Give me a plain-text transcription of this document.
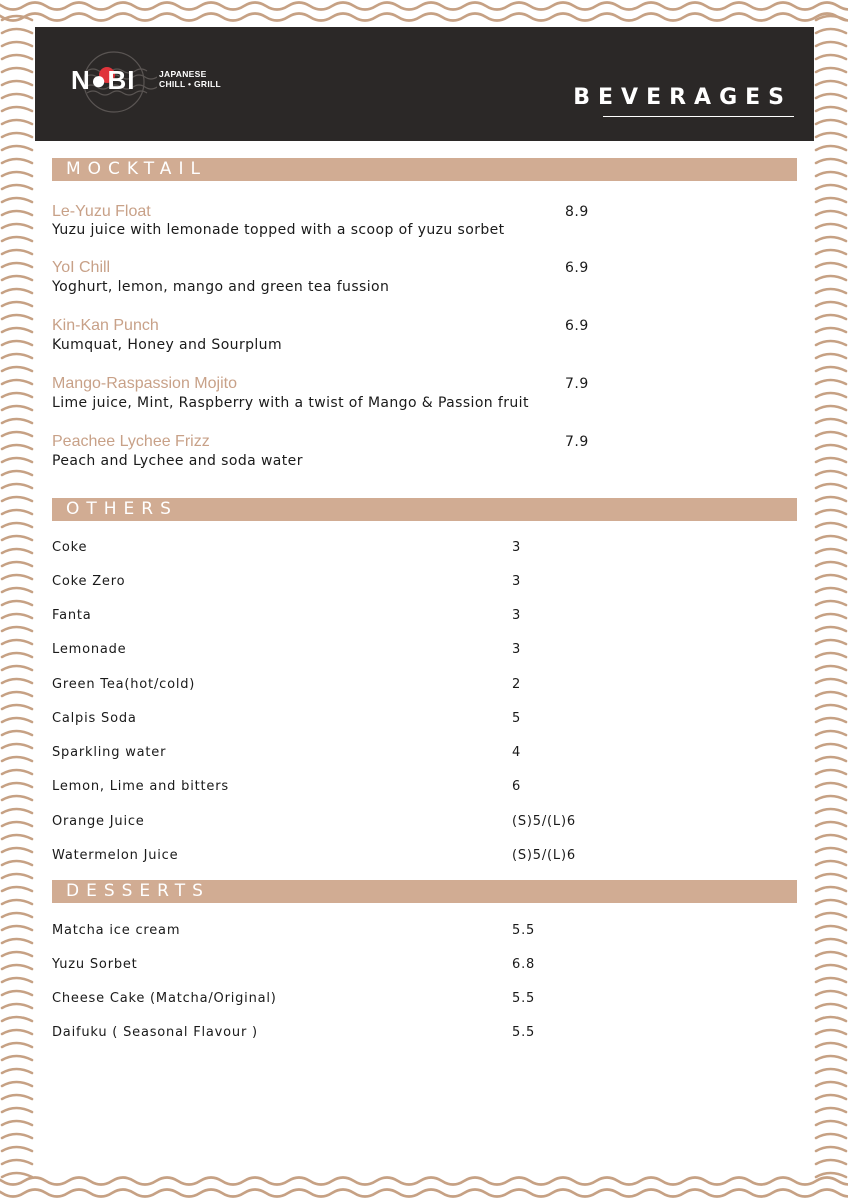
N●BI	JAPANESE
CHILL • GRILL
BEVERAGES
MOCKTAIL
Le-Yuzu Float	8.9
Yuzu juice with lemonade topped with a scoop of yuzu sorbet
YoI Chill	6.9
Yoghurt, lemon, mango and green tea fussion
Kin-Kan Punch	6.9
Kumquat, Honey and Sourplum
Mango-Raspassion Mojito	7.9
Lime juice, Mint, Raspberry with a twist of Mango & Passion fruit
Peachee Lychee Frizz	7.9
Peach and Lychee and soda water
OTHERS
Coke	3
Coke Zero	3
Fanta	3
Lemonade	3
Green Tea(hot/cold)	2
Calpis Soda	5
Sparkling water	4
Lemon, Lime and bitters	6
Orange Juice	(S)5/(L)6
Watermelon Juice	(S)5/(L)6
DESSERTS
Matcha ice cream	5.5
Yuzu Sorbet	6.8
Cheese Cake (Matcha/Original)	5.5
Daifuku ( Seasonal Flavour )	5.5
